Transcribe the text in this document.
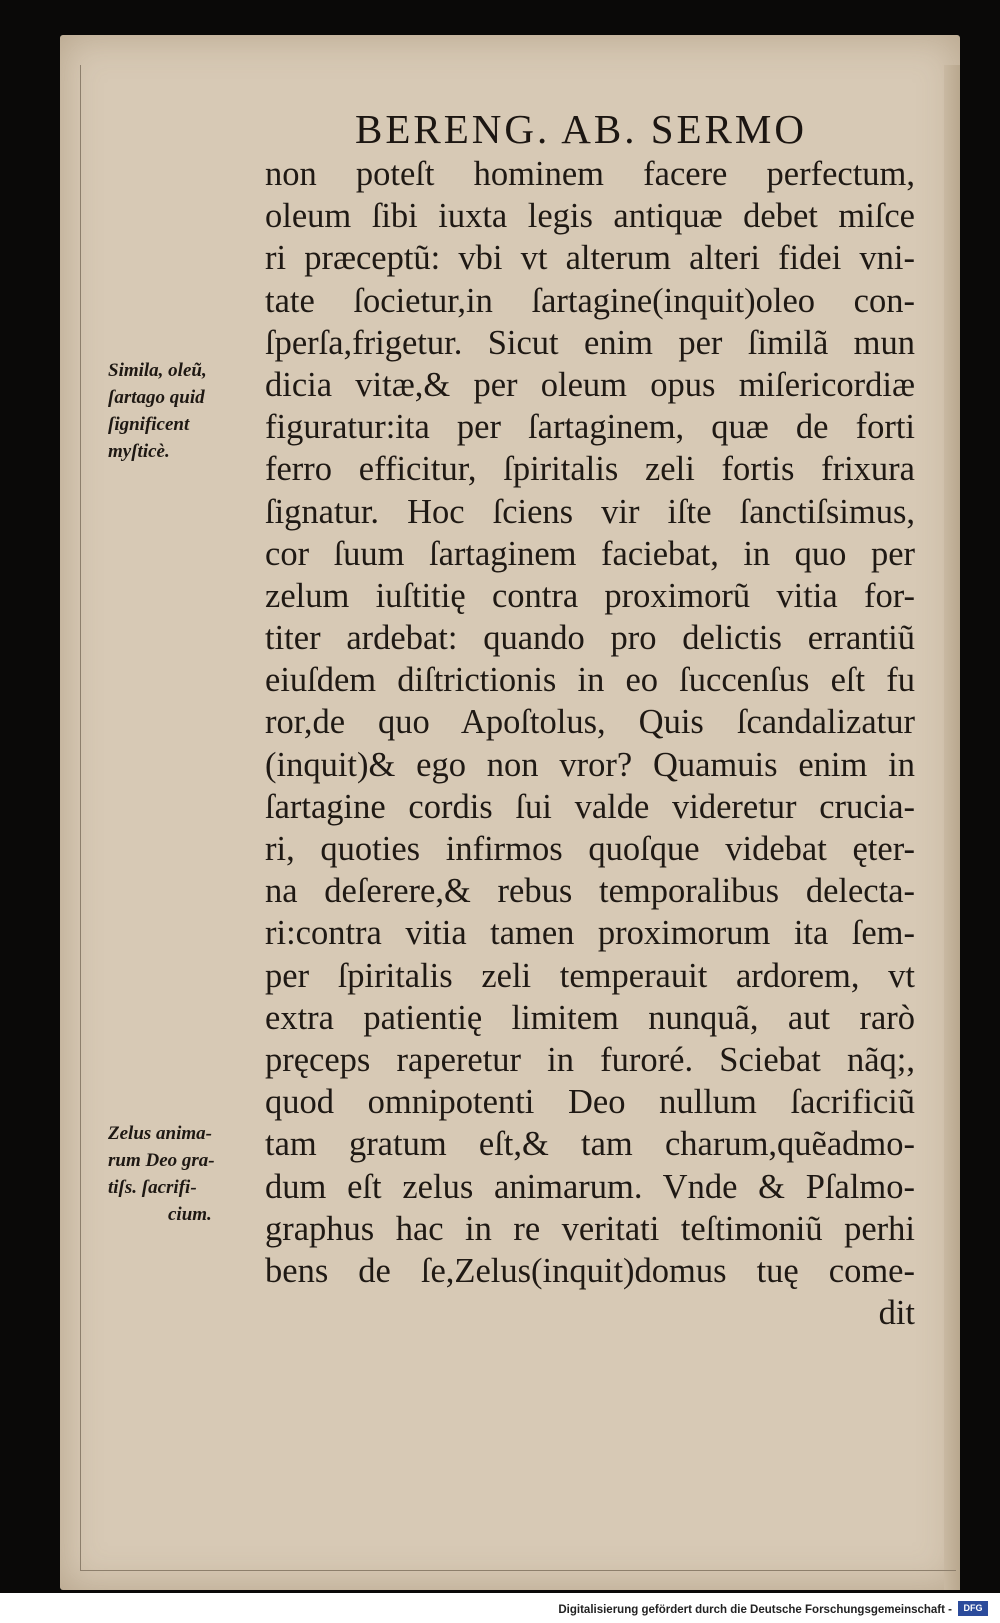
BERENG. AB. SERMO
Simila, oleũ,
ſartago quid
ſignificent
myſticè.
Zelus anima-
rum Deo gra-
tiſs. ſacrifi-
cium.
non poteſt hominem facere perfectum,
oleum ſibi iuxta legis antiquæ debet miſce
ri præceptũ: vbi vt alterum alteri fidei vni-
tate ſocietur,in ſartagine(inquit)oleo con-
ſperſa,frigetur. Sicut enim per ſimilã mun
dicia vitæ,& per oleum opus miſericordiæ
figuratur:ita per ſartaginem, quæ de forti
ferro efficitur, ſpiritalis zeli fortis frixura
ſignatur. Hoc ſciens vir iſte ſanctiſsimus,
cor ſuum ſartaginem faciebat, in quo per
zelum iuſtitię contra proximorũ vitia for-
titer ardebat: quando pro delictis errantiũ
eiuſdem diſtrictionis in eo ſuccenſus eſt fu
ror,de quo Apoſtolus, Quis ſcandalizatur
(inquit)& ego non vror? Quamuis enim in
ſartagine cordis ſui valde videretur crucia-
ri, quoties infirmos quoſque videbat ęter-
na deſerere,& rebus temporalibus delecta-
ri:contra vitia tamen proximorum ita ſem-
per ſpiritalis zeli temperauit ardorem, vt
extra patientię limitem nunquã, aut rarò
pręceps raperetur in furoré. Sciebat nãq;,
quod omnipotenti Deo nullum ſacrificiũ
tam gratum eſt,& tam charum,quẽadmo-
dum eſt zelus animarum. Vnde & Pſalmo-
graphus hac in re veritati teſtimoniũ perhi
bens de ſe,Zelus(inquit)domus tuę come-
dit
Digitalisierung gefördert durch die Deutsche Forschungsgemeinschaft -	DFG
